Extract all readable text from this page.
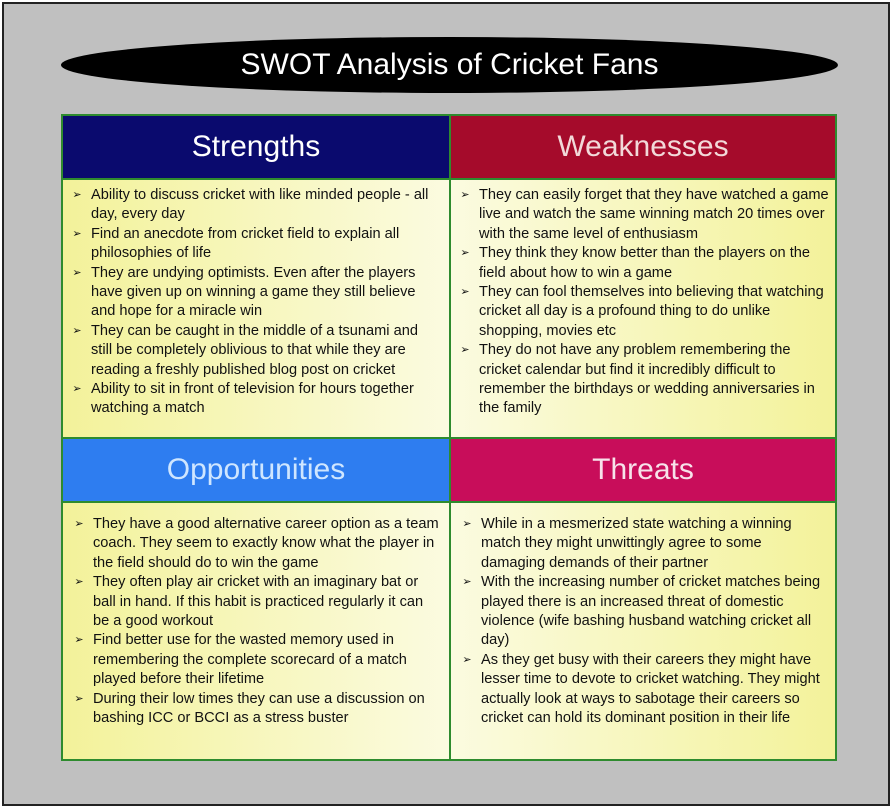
SWOT Analysis of Cricket Fans
Strengths
➢ Ability to discuss cricket with like minded people - all day, every day
➢ Find an anecdote from cricket field to explain all philosophies of life
➢ They are undying optimists. Even after the players have given up on winning a game they still believe and hope for a miracle win
➢ They can be caught in the middle of a tsunami and still be completely oblivious to that while they are reading a freshly published blog post on cricket
➢ Ability to sit in front of television for hours together watching a match
Weaknesses
➢ They can easily forget that they have watched a game live and watch the same winning match 20 times over with the same level of enthusiasm
➢ They think they know better than the players on the field about how to win a game
➢ They can fool themselves into believing that watching cricket all day is a profound thing to do unlike shopping, movies etc
➢ They do not have any problem remembering the cricket calendar but find it incredibly difficult to remember the birthdays or wedding anniversaries in the family
Opportunities
➢ They have a good alternative career option as a team coach. They seem to exactly know what the player in the field should do to win the game
➢ They often play air cricket with an imaginary bat or ball in hand. If this habit is practiced regularly it can be a good workout
➢ Find better use for the wasted memory used in remembering the complete scorecard of a match played before their lifetime
➢ During their low times they can use a discussion on bashing ICC or BCCI as a stress buster
Threats
➢ While in a mesmerized state watching a winning match they might unwittingly agree to some damaging demands of their partner
➢ With the increasing number of cricket matches being played there is an increased threat of domestic violence (wife bashing husband watching cricket all day)
➢ As they get busy with their careers they might have lesser time to devote to cricket watching. They might actually look at ways to sabotage their careers so cricket can hold its dominant position in their life
